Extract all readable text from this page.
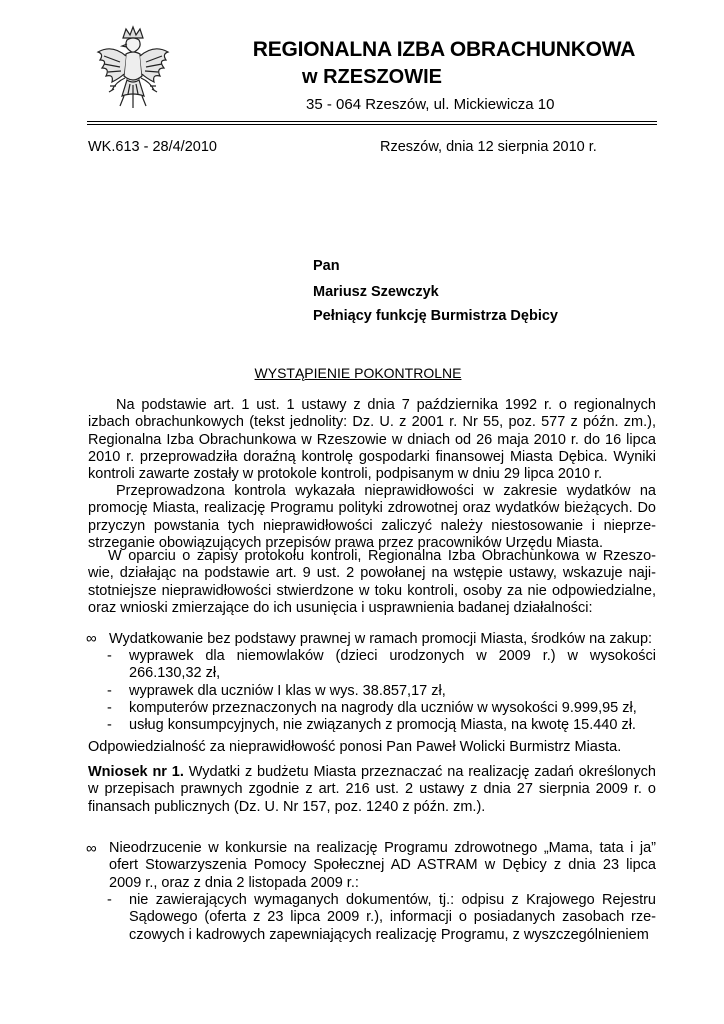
REGIONALNA IZBA OBRACHUNKOWA
w RZESZOWIE
35 - 064 Rzeszów, ul. Mickiewicza 10
WK.613 - 28/4/2010	Rzeszów, dnia 12 sierpnia 2010 r.
Pan
Mariusz Szewczyk
Pełniący funkcję Burmistrza Dębicy
WYSTĄPIENIE POKONTROLNE
Na podstawie art. 1 ust. 1 ustawy z dnia 7 października 1992 r. o regionalnych izbach obrachunkowych (tekst jednolity: Dz. U. z 2001 r. Nr 55, poz. 577 z późn. zm.), Regionalna Izba Obrachunkowa w Rzeszowie w dniach od 26 maja 2010 r. do 16 lipca 2010 r. przeprowadziła doraźną kontrolę gospodarki finansowej Miasta Dębica. Wyniki kontroli zawarte zostały w protokole kontroli, podpisanym w dniu 29 lipca 2010 r.
Przeprowadzona kontrola wykazała nieprawidłowości w zakresie wydatków na promocję Miasta, realizację Programu polityki zdrowotnej oraz wydatków bieżących. Do przyczyn powstania tych nieprawidłowości zaliczyć należy niestosowanie i nieprze-strzeganie obowiązujących przepisów prawa przez pracowników Urzędu Miasta.
W oparciu o zapisy protokołu kontroli, Regionalna Izba Obrachunkowa w Rzeszo-wie, działając na podstawie art. 9 ust. 2 powołanej na wstępie ustawy, wskazuje naji-stotniejsze nieprawidłowości stwierdzone w toku kontroli, osoby za nie odpowiedzialne, oraz wnioski zmierzające do ich usunięcia i usprawnienia badanej działalności:
∞ Wydatkowanie bez podstawy prawnej w ramach promocji Miasta, środków na zakup:
- wyprawek dla niemowlaków (dzieci urodzonych w 2009 r.) w wysokości 266.130,32 zł,
- wyprawek dla uczniów I klas w wys. 38.857,17 zł,
- komputerów przeznaczonych na nagrody dla uczniów w wysokości 9.999,95 zł,
- usług konsumpcyjnych, nie związanych z promocją Miasta, na kwotę 15.440 zł.
Odpowiedzialność za nieprawidłowość ponosi Pan Paweł Wolicki Burmistrz Miasta.
Wniosek nr 1. Wydatki z budżetu Miasta przeznaczać na realizację zadań określonych w przepisach prawnych zgodnie z art. 216 ust. 2 ustawy z dnia 27 sierpnia 2009 r. o finansach publicznych (Dz. U. Nr 157, poz. 1240 z późn. zm.).
∞ Nieodrzucenie w konkursie na realizację Programu zdrowotnego „Mama, tata i ja” ofert Stowarzyszenia Pomocy Społecznej AD ASTRAM w Dębicy z dnia 23 lipca 2009 r., oraz z dnia 2 listopada 2009 r.:
- nie zawierających wymaganych dokumentów, tj.: odpisu z Krajowego Rejestru Sądowego (oferta z 23 lipca 2009 r.), informacji o posiadanych zasobach rze-czowych i kadrowych zapewniających realizację Programu, z wyszczególnieniem
